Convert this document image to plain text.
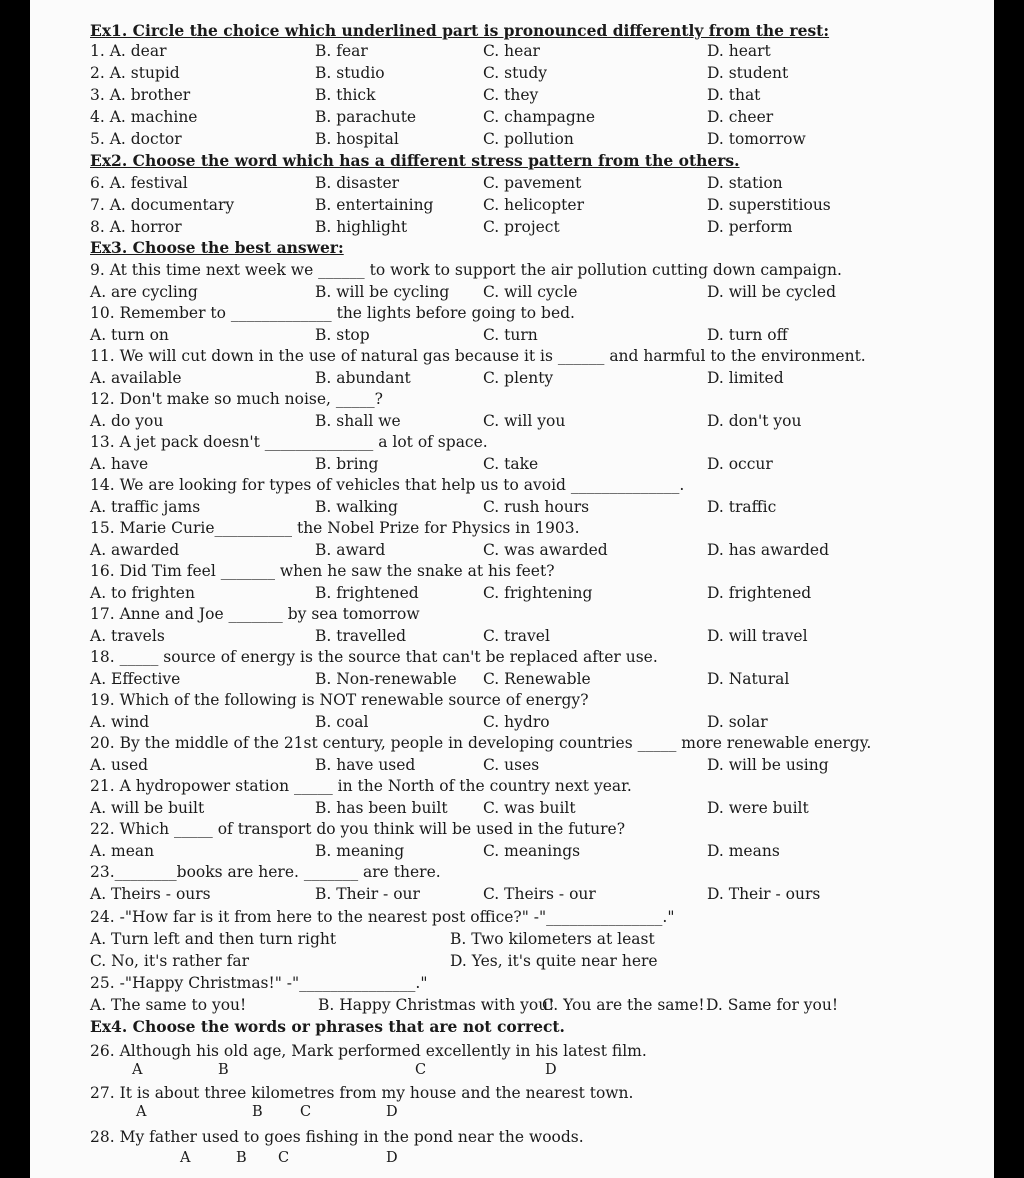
Ex1. Circle the choice which underlined part is pronounced differently from the rest:
1. A. dear	B. fear	C. hear	D. heart
2. A. stupid	B. studio	C. study	D. student
3. A. brother	B. thick	C. they	D. that
4. A. machine	B. parachute	C. champagne	D. cheer
5. A. doctor	B. hospital	C. pollution	D. tomorrow
Ex2. Choose the word which has a different stress pattern from the others.
6. A. festival	B. disaster	C. pavement	D. station
7. A. documentary	B. entertaining	C. helicopter	D. superstitious
8. A. horror	B. highlight	C. project	D. perform
Ex3. Choose the best answer:
9. At this time next week we ______ to work to support the air pollution cutting down campaign.
A. are cycling	B. will be cycling C. will cycle	D. will be cycled
10. Remember to _____________ the lights before going to bed.
A. turn on	B. stop	C. turn	D. turn off
11. We will cut down in the use of natural gas because it is ______ and harmful to the environment.
A. available	B. abundant	C. plenty	D. limited
12. Don't make so much noise, _____?
A. do you	B. shall we	C. will you	D. don't you
13. A jet pack doesn't ______________ a lot of space.
A. have	B. bring	C. take	D. occur
14. We are looking for types of vehicles that help us to avoid ______________.
A. traffic jams	B. walking	C. rush hours	D. traffic
15. Marie Curie__________ the Nobel Prize for Physics in 1903.
A. awarded	B. award	C. was awarded	D. has awarded
16. Did Tim feel _______ when he saw the snake at his feet?
A. to frighten	B. frightened	C. frightening	D. frightened
17. Anne and Joe _______ by sea tomorrow
A. travels	B. travelled	C. travel	D. will travel
18. _____ source of energy is the source that can't be replaced after use.
A. Effective	B. Non-renewable C. Renewable	D. Natural
19. Which of the following is NOT renewable source of energy?
A. wind	B. coal	C. hydro	D. solar
20. By the middle of the 21st century, people in developing countries _____ more renewable energy.
A. used	B. have used	C. uses	D. will be using
21. A hydropower station _____ in the North of the country next year.
A. will be built	B. has been built C. was built	D. were built
22. Which _____ of transport do you think will be used in the future?
A. mean	B. meaning	C. meanings	D. means
23.________books are here. _______ are there.
A. Theirs - ours	B. Their - our	C. Theirs - our	D. Their - ours
24. -"How far is it from here to the nearest post office?" -"_______________."
A. Turn left and then turn right	B. Two kilometers at least
C. No, it's rather far	D. Yes, it's quite near here
25. -"Happy Christmas!" -"_______________."
A. The same to you!	B. Happy Christmas with you!
C. You are the same! D. Same for you!
Ex4. Choose the words or phrases that are not correct.
26. Although his old age, Mark performed excellently in his latest film.
A	B	C	D
27. It is about three kilometres from my house and the nearest town.
A	B	C	D
28. My father used to goes fishing in the pond near the woods.
A	B C	D
